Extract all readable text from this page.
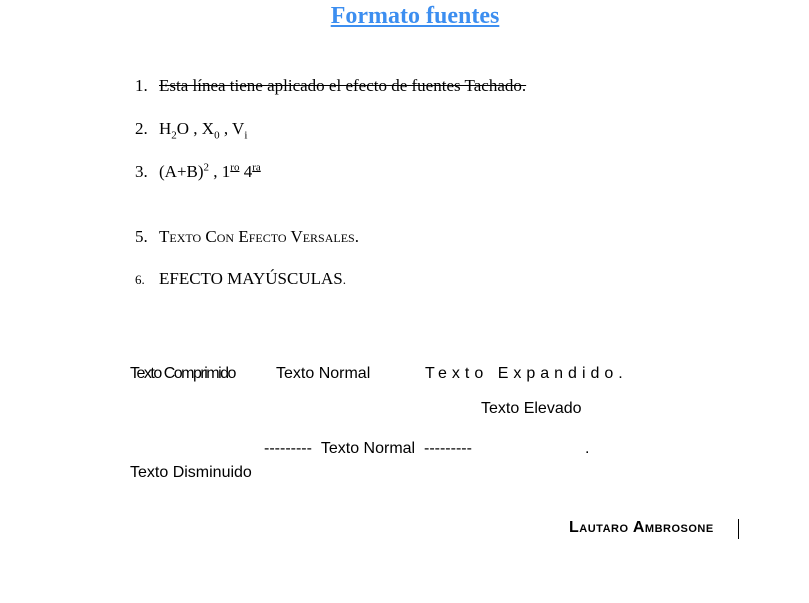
Formato fuentes
1. Esta línea tiene aplicado el efecto de fuentes Tachado.
2. $H_2O$ , $X_0$ , $V_i$
3. $(A+B)^2$ , $1^{ro}$ $4^{ra}$
5. Texto Con Efecto Versales.
6. EFECTO MAYÚSCULAS.
Texto Comprimido	Texto Normal	Texto Expandido.
Texto Elevado
--------- Texto Normal ---------	.
Texto Disminuido
Lautaro Ambrosone
